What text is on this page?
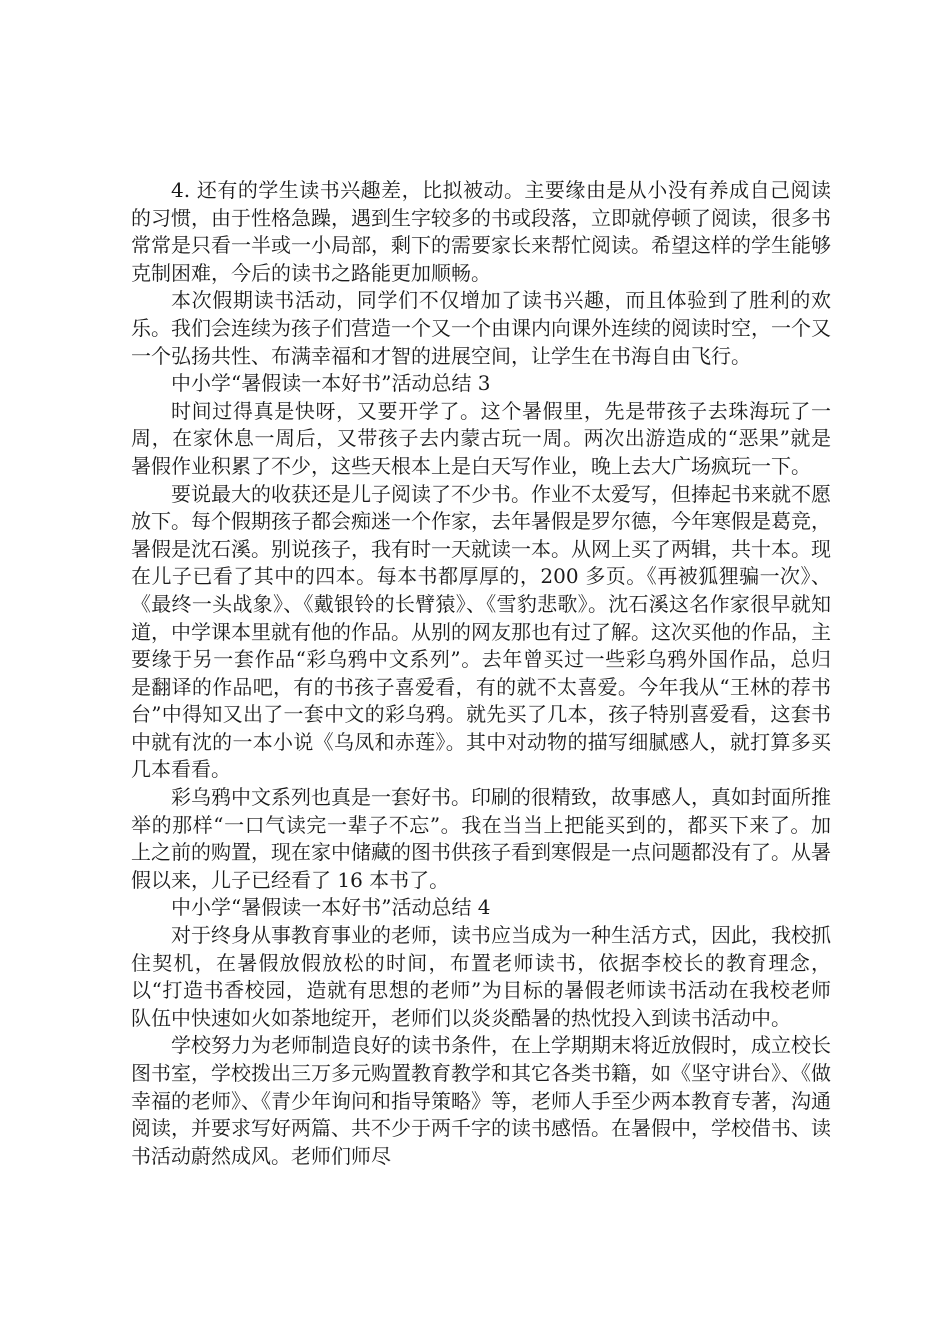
4. 还有的学生读书兴趣差，比拟被动。主要缘由是从小没有养成自己阅读的习惯，由于性格急躁，遇到生字较多的书或段落，立即就停顿了阅读，很多书常常是只看一半或一小局部，剩下的需要家长来帮忙阅读。希望这样的学生能够克制困难，今后的读书之路能更加顺畅。

本次假期读书活动，同学们不仅增加了读书兴趣，而且体验到了胜利的欢乐。我们会连续为孩子们营造一个又一个由课内向课外连续的阅读时空，一个又一个弘扬共性、布满幸福和才智的进展空间，让学生在书海自由飞行。

中小学“暑假读一本好书”活动总结 3

时间过得真是快呀，又要开学了。这个暑假里，先是带孩子去珠海玩了一周，在家休息一周后，又带孩子去内蒙古玩一周。两次出游造成的“恶果”就是暑假作业积累了不少，这些天根本上是白天写作业，晚上去大广场疯玩一下。

要说最大的收获还是儿子阅读了不少书。作业不太爱写，但捧起书来就不愿放下。每个假期孩子都会痴迷一个作家，去年暑假是罗尔德，今年寒假是葛竞，暑假是沈石溪。别说孩子，我有时一天就读一本。从网上买了两辑，共十本。现在儿子已看了其中的四本。每本书都厚厚的，200 多页。《再被狐狸骗一次》、《最终一头战象》、《戴银铃的长臂猿》、《雪豹悲歌》。沈石溪这名作家很早就知道，中学课本里就有他的作品。从别的网友那也有过了解。这次买他的作品，主要缘于另一套作品“彩乌鸦中文系列”。去年曾买过一些彩乌鸦外国作品，总归是翻译的作品吧，有的书孩子喜爱看，有的就不太喜爱。今年我从“王林的荐书台”中得知又出了一套中文的彩乌鸦。就先买了几本，孩子特别喜爱看，这套书中就有沈的一本小说《乌凤和赤莲》。其中对动物的描写细腻感人，就打算多买几本看看。

彩乌鸦中文系列也真是一套好书。印刷的很精致，故事感人，真如封面所推举的那样“一口气读完一辈子不忘”。我在当当上把能买到的，都买下来了。加上之前的购置，现在家中储藏的图书供孩子看到寒假是一点问题都没有了。从暑假以来，儿子已经看了 16 本书了。

中小学“暑假读一本好书”活动总结 4

对于终身从事教育事业的老师，读书应当成为一种生活方式，因此，我校抓住契机，在暑假放假放松的时间，布置老师读书，依据李校长的教育理念，以“打造书香校园，造就有思想的老师”为目标的暑假老师读书活动在我校老师队伍中快速如火如荼地绽开，老师们以炎炎酷暑的热忱投入到读书活动中。

学校努力为老师制造良好的读书条件，在上学期期末将近放假时，成立校长图书室，学校拨出三万多元购置教育教学和其它各类书籍，如《坚守讲台》、《做幸福的老师》、《青少年询问和指导策略》等，老师人手至少两本教育专著，沟通阅读，并要求写好两篇、共不少于两千字的读书感悟。在暑假中，学校借书、读书活动蔚然成风。老师们师尽
